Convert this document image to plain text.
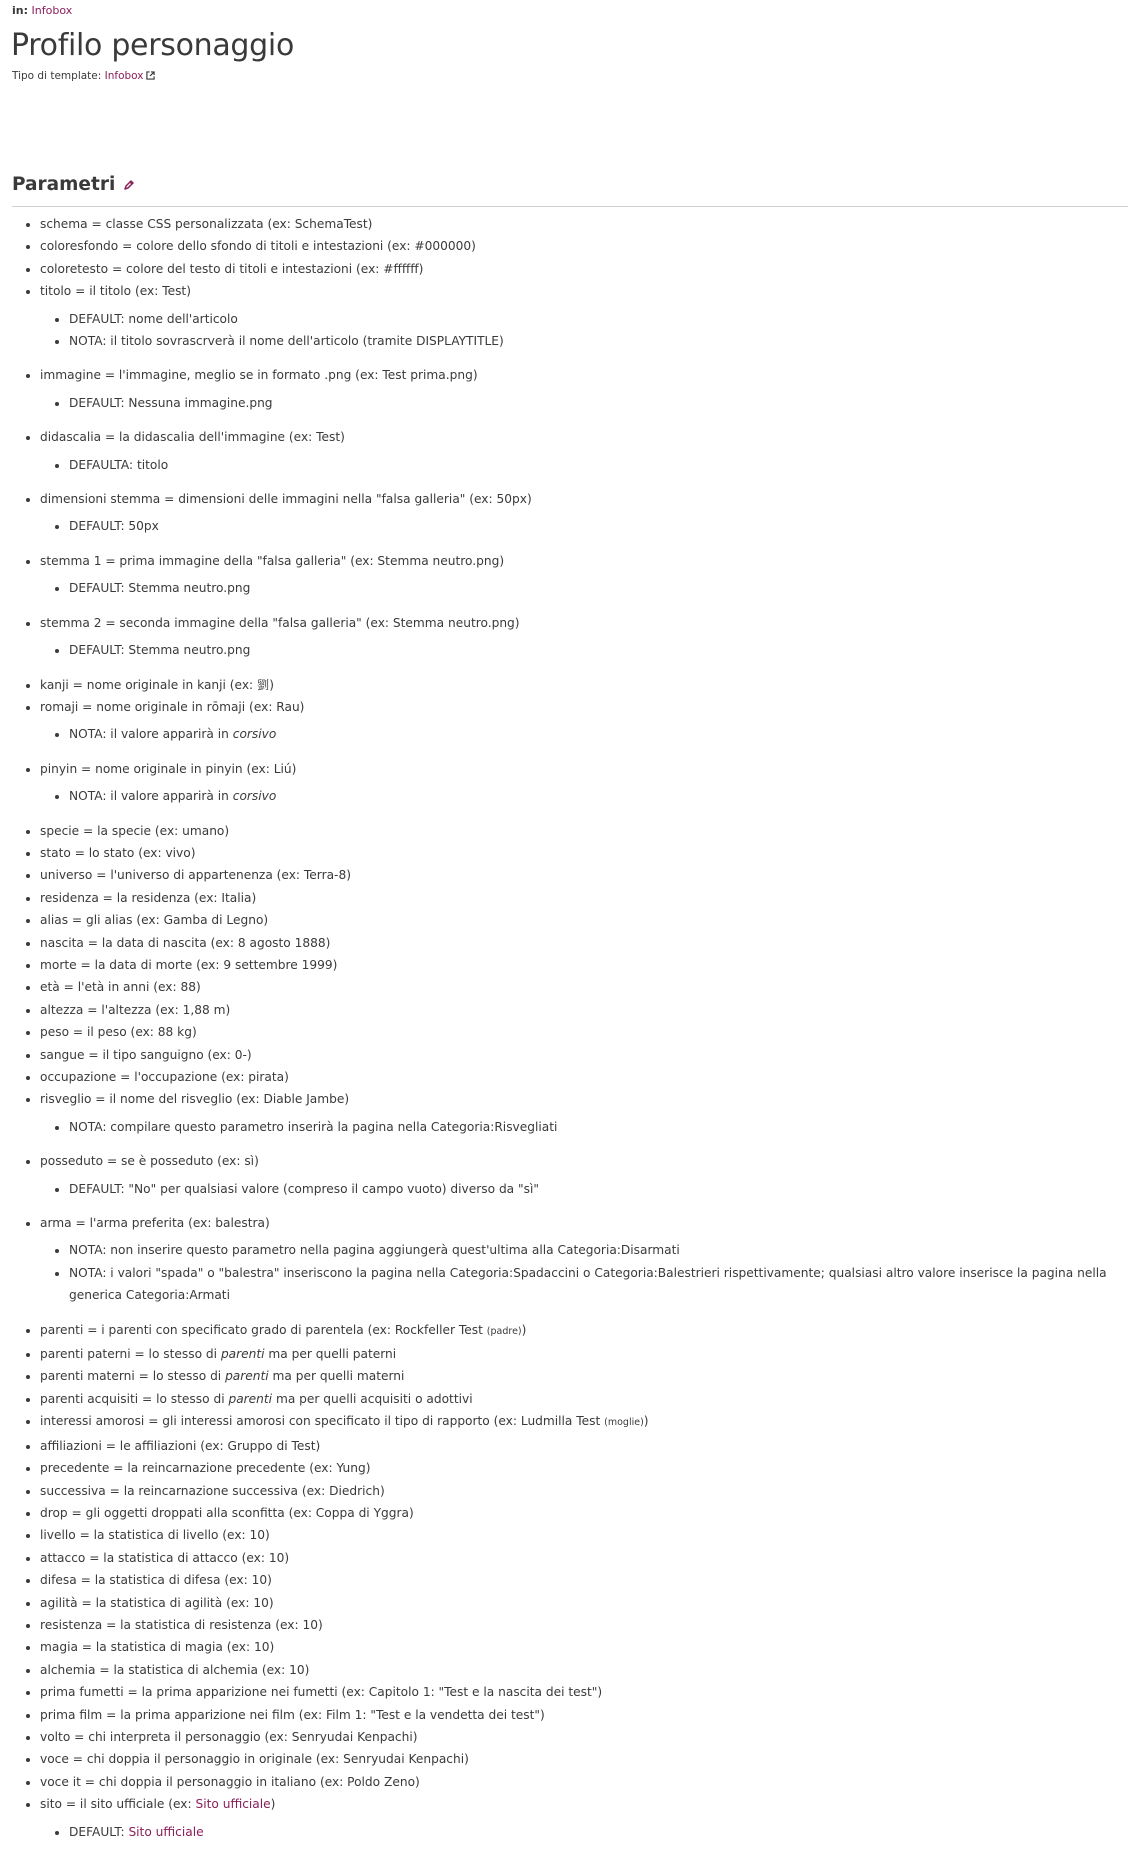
in: Infobox
Profilo personaggio
Tipo di template: Infobox
Parametri
• schema = classe CSS personalizzata (ex: SchemaTest)
• coloresfondo = colore dello sfondo di titoli e intestazioni (ex: #000000)
• coloretesto = colore del testo di titoli e intestazioni (ex: #ffffff)
• titolo = il titolo (ex: Test)
• DEFAULT: nome dell'articolo
• NOTA: il titolo sovrascrverà il nome dell'articolo (tramite DISPLAYTITLE)
• immagine = l'immagine, meglio se in formato .png (ex: Test prima.png)
• DEFAULT: Nessuna immagine.png
• didascalia = la didascalia dell'immagine (ex: Test)
• DEFAULTA: titolo
• dimensioni stemma = dimensioni delle immagini nella "falsa galleria" (ex: 50px)
• DEFAULT: 50px
• stemma 1 = prima immagine della "falsa galleria" (ex: Stemma neutro.png)
• DEFAULT: Stemma neutro.png
• stemma 2 = seconda immagine della "falsa galleria" (ex: Stemma neutro.png)
• DEFAULT: Stemma neutro.png
• kanji = nome originale in kanji (ex: 劉)
• romaji = nome originale in rōmaji (ex: Rau)
• NOTA: il valore apparirà in corsivo
• pinyin = nome originale in pinyin (ex: Liú)
• NOTA: il valore apparirà in corsivo
• specie = la specie (ex: umano)
• stato = lo stato (ex: vivo)
• universo = l'universo di appartenenza (ex: Terra-8)
• residenza = la residenza (ex: Italia)
• alias = gli alias (ex: Gamba di Legno)
• nascita = la data di nascita (ex: 8 agosto 1888)
• morte = la data di morte (ex: 9 settembre 1999)
• età = l'età in anni (ex: 88)
• altezza = l'altezza (ex: 1,88 m)
• peso = il peso (ex: 88 kg)
• sangue = il tipo sanguigno (ex: 0-)
• occupazione = l'occupazione (ex: pirata)
• risveglio = il nome del risveglio (ex: Diable Jambe)
• NOTA: compilare questo parametro inserirà la pagina nella Categoria:Risvegliati
• posseduto = se è posseduto (ex: sì)
• DEFAULT: "No" per qualsiasi valore (compreso il campo vuoto) diverso da "sì"
• arma = l'arma preferita (ex: balestra)
• NOTA: non inserire questo parametro nella pagina aggiungerà quest'ultima alla Categoria:Disarmati
• NOTA: i valori "spada" o "balestra" inseriscono la pagina nella Categoria:Spadaccini o Categoria:Balestrieri rispettivamente; qualsiasi altro valore inserisce la pagina nella generica Categoria:Armati
• parenti = i parenti con specificato grado di parentela (ex: Rockfeller Test (padre))
• parenti paterni = lo stesso di parenti ma per quelli paterni
• parenti materni = lo stesso di parenti ma per quelli materni
• parenti acquisiti = lo stesso di parenti ma per quelli acquisiti o adottivi
• interessi amorosi = gli interessi amorosi con specificato il tipo di rapporto (ex: Ludmilla Test (moglie))
• affiliazioni = le affiliazioni (ex: Gruppo di Test)
• precedente = la reincarnazione precedente (ex: Yung)
• successiva = la reincarnazione successiva (ex: Diedrich)
• drop = gli oggetti droppati alla sconfitta (ex: Coppa di Yggra)
• livello = la statistica di livello (ex: 10)
• attacco = la statistica di attacco (ex: 10)
• difesa = la statistica di difesa (ex: 10)
• agilità = la statistica di agilità (ex: 10)
• resistenza = la statistica di resistenza (ex: 10)
• magia = la statistica di magia (ex: 10)
• alchemia = la statistica di alchemia (ex: 10)
• prima fumetti = la prima apparizione nei fumetti (ex: Capitolo 1: "Test e la nascita dei test")
• prima film = la prima apparizione nei film (ex: Film 1: "Test e la vendetta dei test")
• volto = chi interpreta il personaggio (ex: Senryudai Kenpachi)
• voce = chi doppia il personaggio in originale (ex: Senryudai Kenpachi)
• voce it = chi doppia il personaggio in italiano (ex: Poldo Zeno)
• sito = il sito ufficiale (ex: Sito ufficiale)
• DEFAULT: Sito ufficiale
